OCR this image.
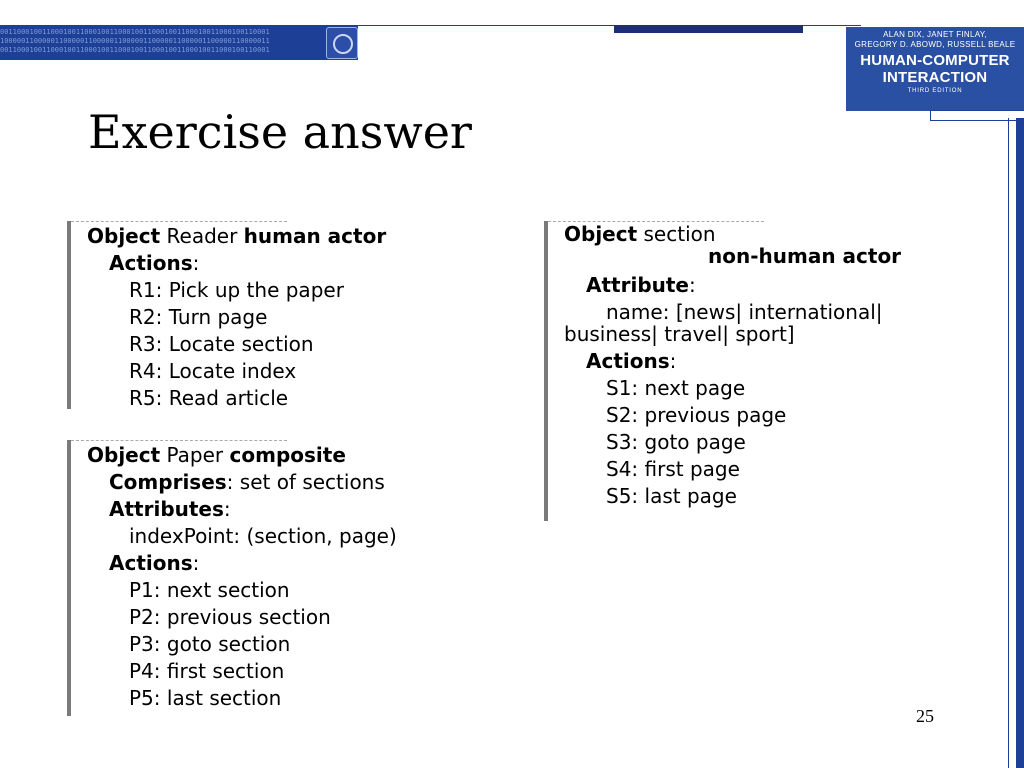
0011000100110001001100010011000100110001001100010011000100110001
1000001100000110000011000001100000110000011000001100000110000011
0011000100110001001100010011000100110001001100010011000100110001
ALAN DIX, JANET FINLAY,
GREGORY D. ABOWD, RUSSELL BEALE
HUMAN-COMPUTER
INTERACTION
THIRD EDITION
Exercise answer
Object Reader human actor
Actions:
R1: Pick up the paper
R2: Turn page
R3: Locate section
R4: Locate index
R5: Read article
Object Paper composite
Comprises: set of sections
Attributes:
indexPoint: (section, page)
Actions:
P1: next section
P2: previous section
P3: goto section
P4: first section
P5: last section
Object section
non-human actor
Attribute:
name: [news| international|
business| travel| sport]
Actions:
S1: next page
S2: previous page
S3: goto page
S4: first page
S5: last page
25
